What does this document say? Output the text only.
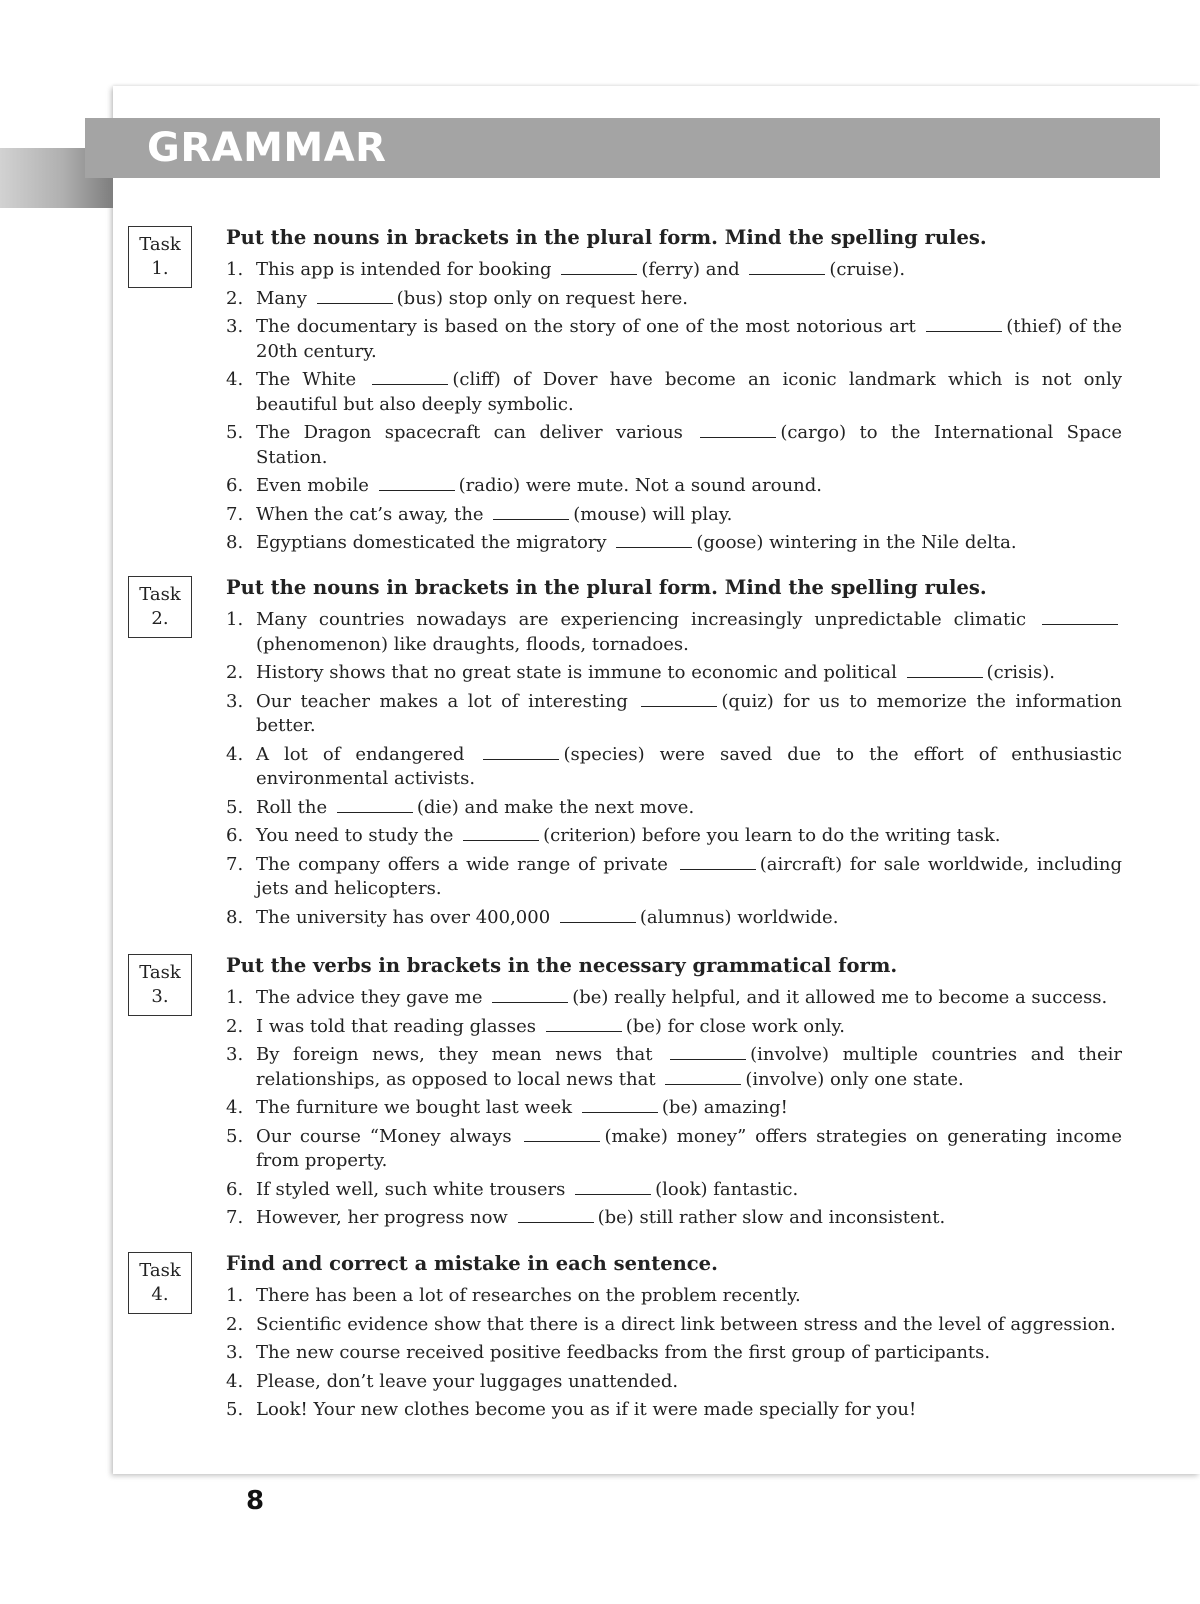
GRAMMAR
Task
1.
Put the nouns in brackets in the plural form. Mind the spelling rules.
1. This app is intended for booking	(ferry) and	(cruise).
2. Many	(bus) stop only on request here.
3. The documentary is based on the story of one of the most notorious art	(thief) of the 20th century.
4. The White	(cliff) of Dover have become an iconic landmark which is not only beautiful but also deeply symbolic.
5. The Dragon spacecraft can deliver various	(cargo) to the International Space Station.
6. Even mobile	(radio) were mute. Not a sound around.
7. When the cat’s away, the	(mouse) will play.
8. Egyptians domesticated the migratory	(goose) wintering in the Nile delta.
Task
2.
Put the nouns in brackets in the plural form. Mind the spelling rules.
1. Many countries nowadays are experiencing increasingly unpredictable climatic (phenomenon) like draughts, floods, tornadoes.
2. History shows that no great state is immune to economic and political	(crisis).
3. Our teacher makes a lot of interesting	(quiz) for us to memorize the information better.
4. A lot of endangered	(species) were saved due to the effort of enthusiastic environmental activists.
5. Roll the	(die) and make the next move.
6. You need to study the	(criterion) before you learn to do the writing task.
7. The company offers a wide range of private	(aircraft) for sale worldwide, including jets and helicopters.
8. The university has over 400,000	(alumnus) worldwide.
Task
3.
Put the verbs in brackets in the necessary grammatical form.
1. The advice they gave me	(be) really helpful, and it allowed me to become a success.
2. I was told that reading glasses	(be) for close work only.
3. By foreign news, they mean news that	(involve) multiple countries and their relationships, as opposed to local news that	(involve) only one state.
4. The furniture we bought last week	(be) amazing!
5. Our course “Money always	(make) money” offers strategies on generating income from property.
6. If styled well, such white trousers	(look) fantastic.
7. However, her progress now	(be) still rather slow and inconsistent.
Task
4.
Find and correct a mistake in each sentence.
1. There has been a lot of researches on the problem recently.
2. Scientific evidence show that there is a direct link between stress and the level of aggression.
3. The new course received positive feedbacks from the first group of participants.
4. Please, don’t leave your luggages unattended.
5. Look! Your new clothes become you as if it were made specially for you!
8
